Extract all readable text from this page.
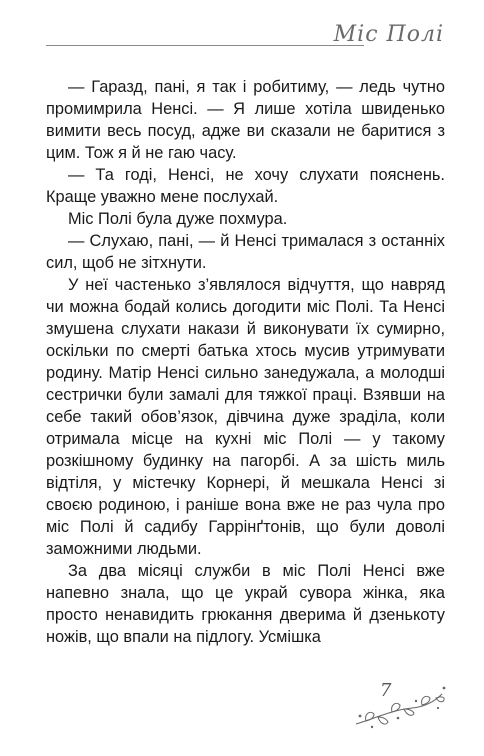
Міс Полі

— Гаразд, пані, я так і робитиму, — ледь чутно промимрила Ненсі. — Я лише хотіла швиденько вимити весь посуд, адже ви сказали не баритися з цим. Тож я й не гаю часу.

— Та годі, Ненсі, не хочу слухати пояснень. Краще уважно мене послухай.

Міс Полі була дуже похмура.

— Слухаю, пані, — й Ненсі трималася з останніх сил, щоб не зітхнути.

У неї частенько з’являлося відчуття, що навряд чи можна бодай колись догодити міс Полі. Та Ненсі змушена слухати накази й виконувати їх сумирно, оскільки по смерті батька хтось мусив утримувати родину. Матір Ненсі сильно занедужала, а молодші сестрички були замалі для тяжкої праці. Взявши на себе такий обов’язок, дівчина дуже зраділа, коли отримала місце на кухні міс Полі — у такому розкішному будинку на пагорбі. А за шість миль відтіля, у містечку Корнері, й мешкала Ненсі зі своєю родиною, і раніше вона вже не раз чула про міс Полі й садибу Гаррінґтонів, що були доволі заможними людьми.

За два місяці служби в міс Полі Ненсі вже напевно знала, що це украй сувора жінка, яка просто ненавидить грюкання дверима й дзенькоту ножів, що впали на підлогу. Усмішка

7
